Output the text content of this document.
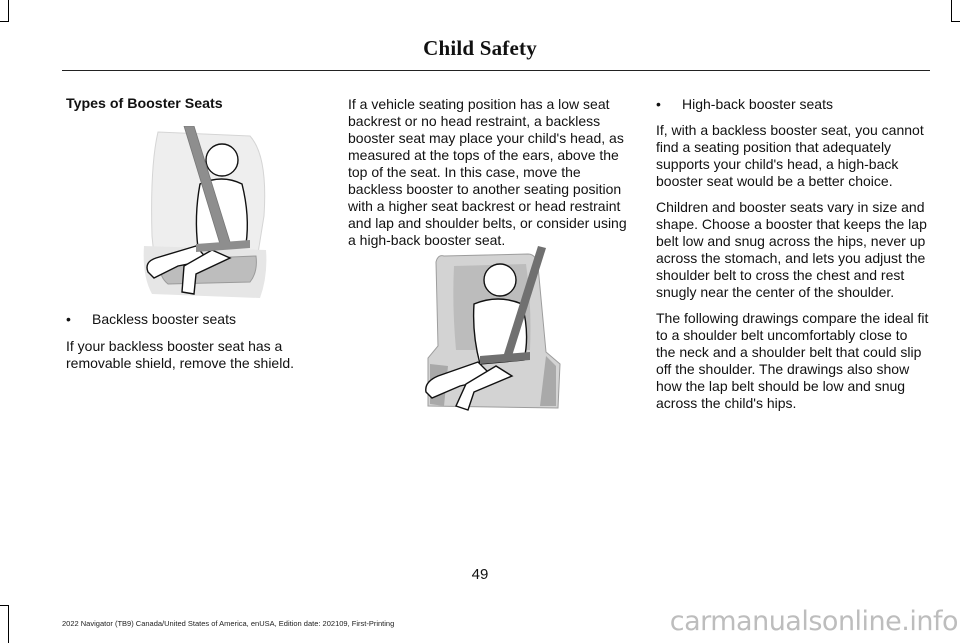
Child Safety

Types of Booster Seats

•	Backless booster seats

If your backless booster seat has a removable shield, remove the shield.

If a vehicle seating position has a low seat backrest or no head restraint, a backless booster seat may place your child's head, as measured at the tops of the ears, above the top of the seat. In this case, move the backless booster to another seating position with a higher seat backrest or head restraint and lap and shoulder belts, or consider using a high-back booster seat.

•	High-back booster seats

If, with a backless booster seat, you cannot find a seating position that adequately supports your child's head, a high-back booster seat would be a better choice.

Children and booster seats vary in size and shape. Choose a booster that keeps the lap belt low and snug across the hips, never up across the stomach, and lets you adjust the shoulder belt to cross the chest and rest snugly near the center of the shoulder.

The following drawings compare the ideal fit to a shoulder belt uncomfortably close to the neck and a shoulder belt that could slip off the shoulder. The drawings also show how the lap belt should be low and snug across the child's hips.

49
2022 Navigator (TB9) Canada/United States of America, enUSA, Edition date: 202109, First-Printing	carmanualsonline.info
